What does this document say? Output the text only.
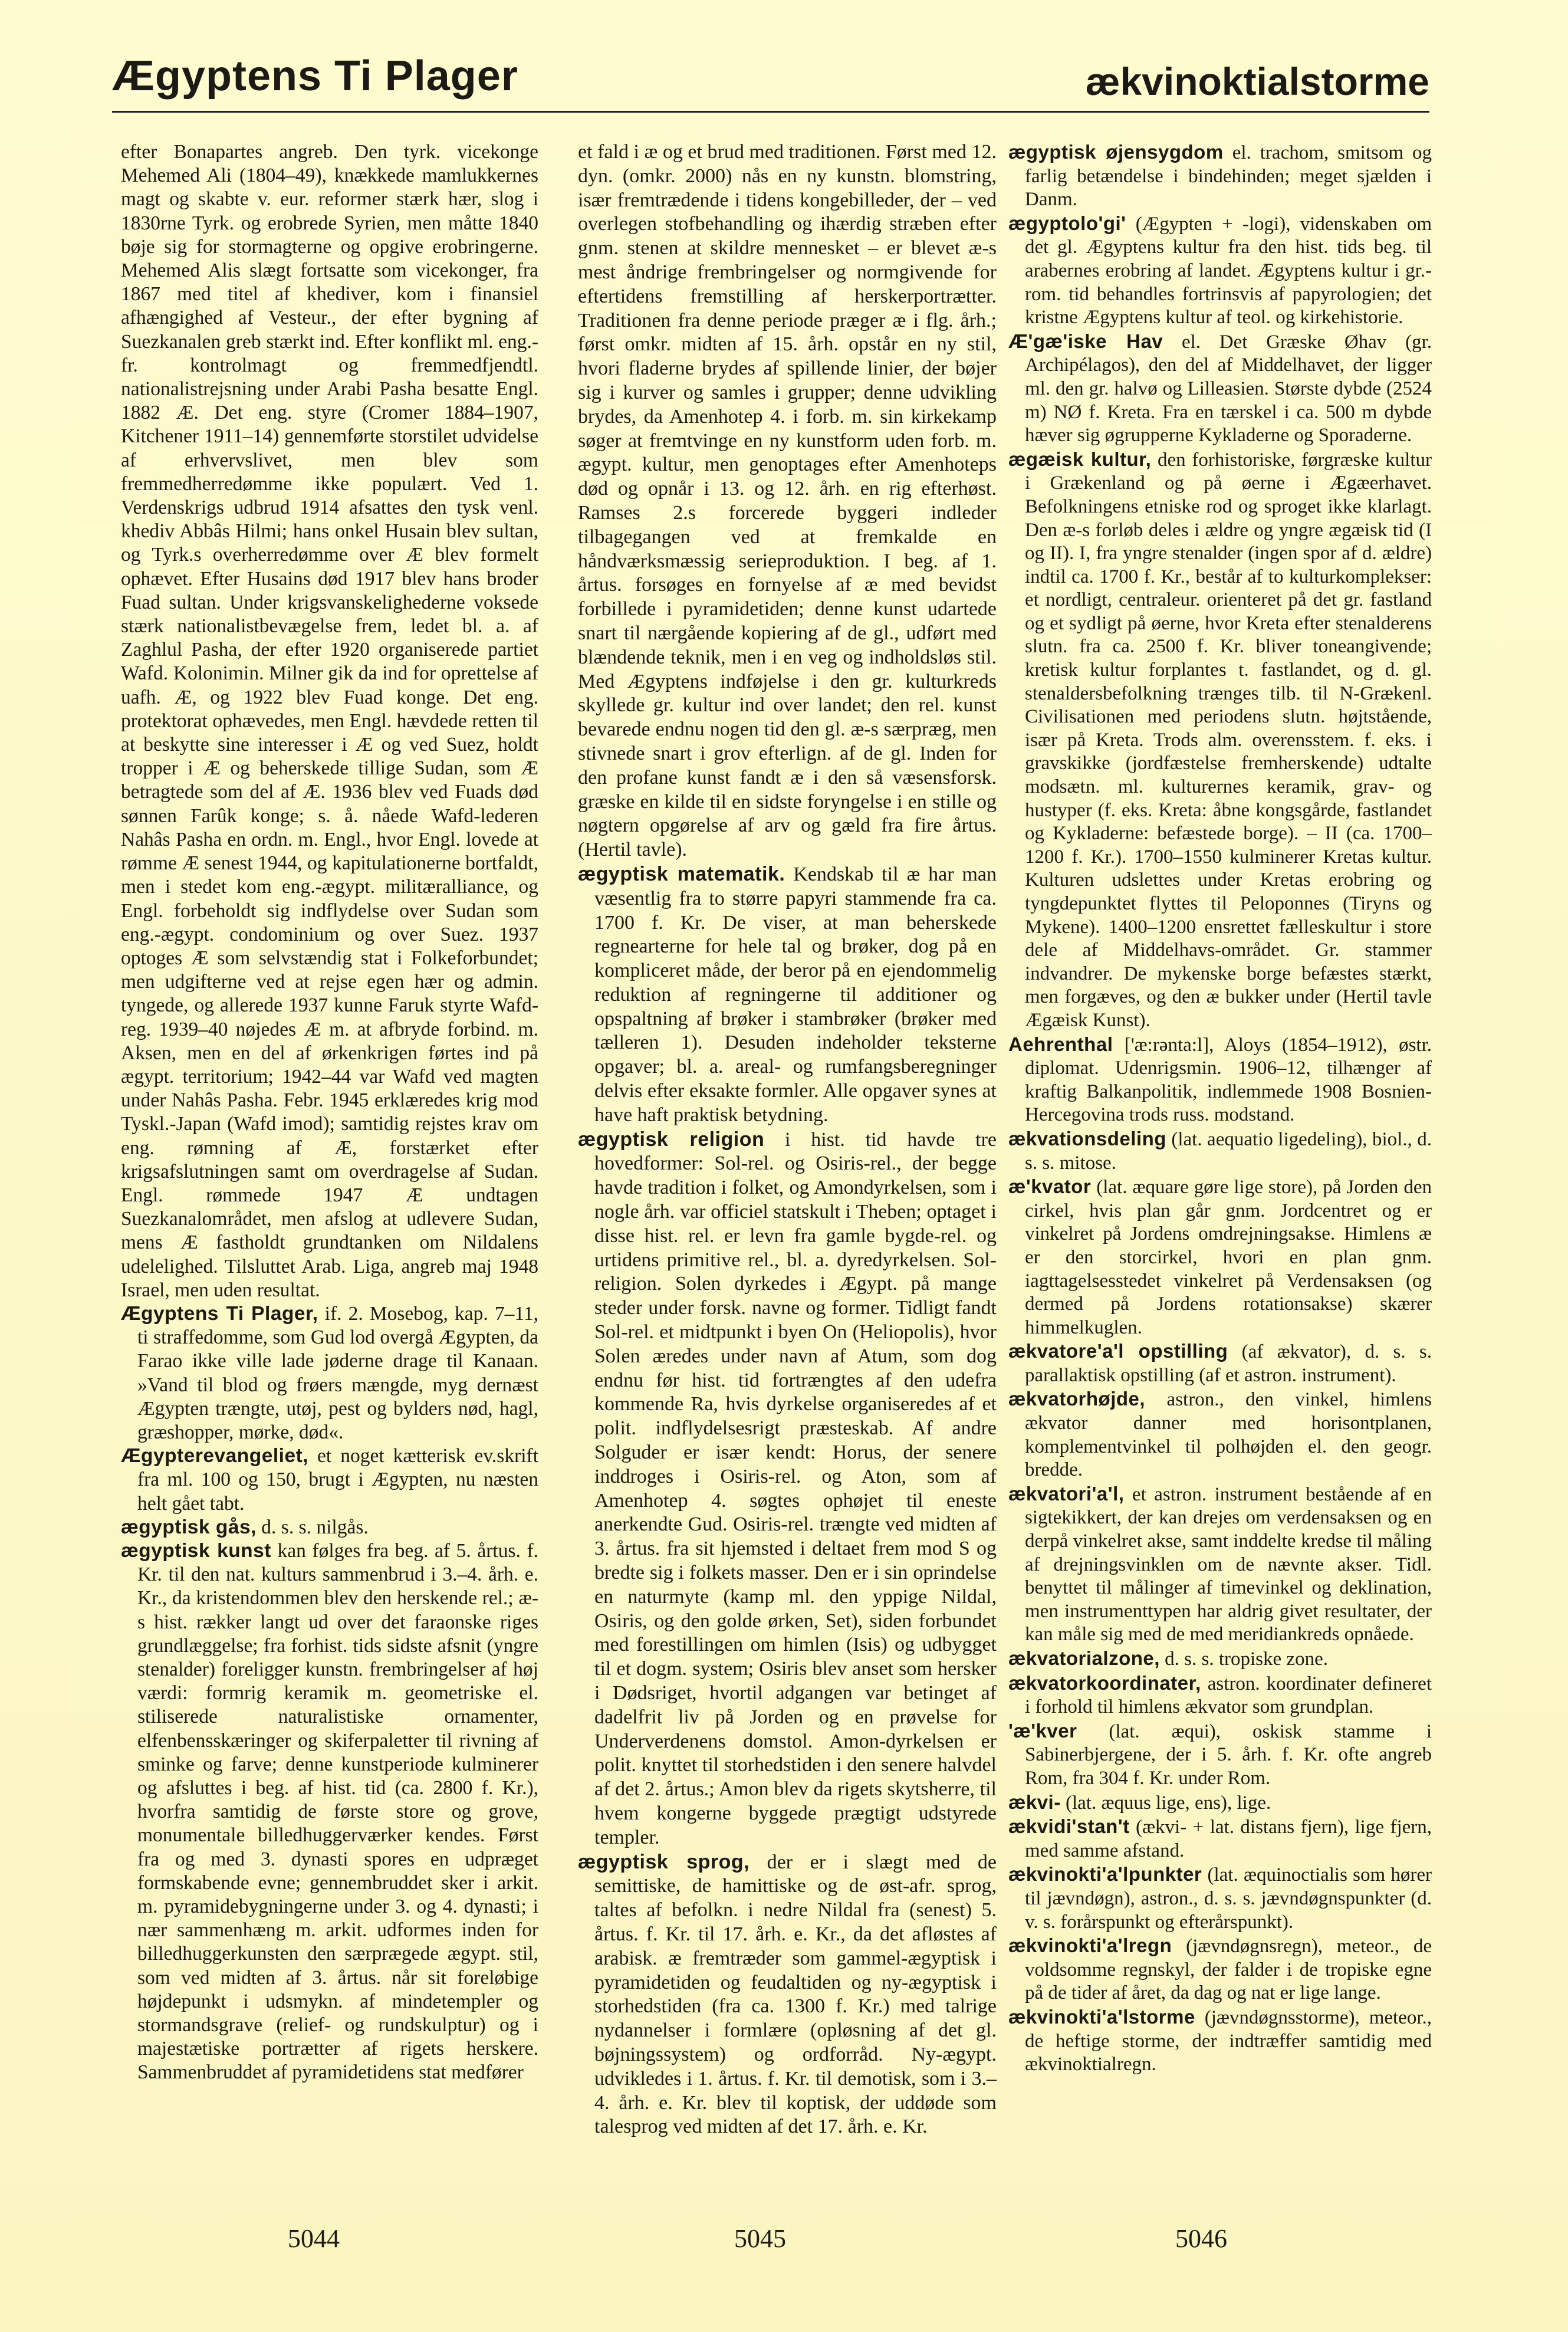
Ægyptens Ti Plager	ækvinoktialstorme

efter Bonapartes angreb. Den tyrk. vicekonge Mehemed Ali (1804–49), knækkede mamlukkernes magt og skabte v. eur. reformer stærk hær, slog i 1830rne Tyrk. og erobrede Syrien, men måtte 1840 bøje sig for stormagterne og opgive erobringerne. Mehemed Alis slægt fortsatte som vicekonger, fra 1867 med titel af khediver, kom i finansiel afhængighed af Vesteur., der efter bygning af Suezkanalen greb stærkt ind. Efter konflikt ml. eng.-fr. kontrolmagt og fremmedfjendtl. nationalistrejsning under Arabi Pasha besatte Engl. 1882 Æ. Det eng. styre (Cromer 1884–1907, Kitchener 1911–14) gennemførte storstilet udvidelse af erhvervslivet, men blev som fremmedherredømme ikke populært. Ved 1. Verdenskrigs udbrud 1914 afsattes den tysk venl. khediv Abbâs Hilmi; hans onkel Husain blev sultan, og Tyrk.s overherredømme over Æ blev formelt ophævet. Efter Husains død 1917 blev hans broder Fuad sultan. Under krigsvanskelighederne voksede stærk nationalistbevægelse frem, ledet bl. a. af Zaghlul Pasha, der efter 1920 organiserede partiet Wafd. Kolonimin. Milner gik da ind for oprettelse af uafh. Æ, og 1922 blev Fuad konge. Det eng. protektorat ophævedes, men Engl. hævdede retten til at beskytte sine interesser i Æ og ved Suez, holdt tropper i Æ og beherskede tillige Sudan, som Æ betragtede som del af Æ. 1936 blev ved Fuads død sønnen Farûk konge; s. å. nåede Wafd-lederen Nahâs Pasha en ordn. m. Engl., hvor Engl. lovede at rømme Æ senest 1944, og kapitulationerne bortfaldt, men i stedet kom eng.-ægypt. militæralliance, og Engl. forbeholdt sig indflydelse over Sudan som eng.-ægypt. condominium og over Suez. 1937 optoges Æ som selvstændig stat i Folkeforbundet; men udgifterne ved at rejse egen hær og admin. tyngede, og allerede 1937 kunne Faruk styrte Wafd-reg. 1939–40 nøjedes Æ m. at afbryde forbind. m. Aksen, men en del af ørkenkrigen førtes ind på ægypt. territorium; 1942–44 var Wafd ved magten under Nahâs Pasha. Febr. 1945 erklæredes krig mod Tyskl.-Japan (Wafd imod); samtidig rejstes krav om eng. rømning af Æ, forstærket efter krigsafslutningen samt om overdragelse af Sudan. Engl. rømmede 1947 Æ undtagen Suezkanalområdet, men afslog at udlevere Sudan, mens Æ fastholdt grundtanken om Nildalens udelelighed. Tilsluttet Arab. Liga, angreb maj 1948 Israel, men uden resultat.

Ægyptens Ti Plager, if. 2. Mosebog, kap. 7–11, ti straffedomme, som Gud lod overgå Ægypten, da Farao ikke ville lade jøderne drage til Kanaan. »Vand til blod og frøers mængde, myg dernæst Ægypten trængte, utøj, pest og bylders nød, hagl, græshopper, mørke, død«.

Ægypterevangeliet, et noget kætterisk ev.skrift fra ml. 100 og 150, brugt i Ægypten, nu næsten helt gået tabt.

ægyptisk gås, d. s. s. nilgås.

ægyptisk kunst kan følges fra beg. af 5. årtus. f. Kr. til den nat. kulturs sammenbrud i 3.–4. årh. e. Kr., da kristendommen blev den herskende rel.; æ-s hist. rækker langt ud over det faraonske riges grundlæggelse; fra forhist. tids sidste afsnit (yngre stenalder) foreligger kunstn. frembringelser af høj værdi: formrig keramik m. geometriske el. stiliserede naturalistiske ornamenter, elfenbensskæringer og skiferpaletter til rivning af sminke og farve; denne kunstperiode kulminerer og afsluttes i beg. af hist. tid (ca. 2800 f. Kr.), hvorfra samtidig de første store og grove, monumentale billedhuggerværker kendes. Først fra og med 3. dynasti spores en udpræget formskabende evne; gennembruddet sker i arkit. m. pyramidebygningerne under 3. og 4. dynasti; i nær sammenhæng m. arkit. udformes inden for billedhuggerkunsten den særprægede ægypt. stil, som ved midten af 3. årtus. når sit foreløbige højdepunkt i udsmykn. af mindetempler og stormandsgrave (relief- og rundskulptur) og i majestætiske portrætter af rigets herskere. Sammenbruddet af pyramidetidens stat medfører

et fald i æ og et brud med traditionen. Først med 12. dyn. (omkr. 2000) nås en ny kunstn. blomstring, især fremtrædende i tidens kongebilleder, der – ved overlegen stofbehandling og ihærdig stræben efter gnm. stenen at skildre mennesket – er blevet æ-s mest åndrige frembringelser og normgivende for eftertidens fremstilling af herskerportrætter. Traditionen fra denne periode præger æ i flg. årh.; først omkr. midten af 15. årh. opstår en ny stil, hvori fladerne brydes af spillende linier, der bøjer sig i kurver og samles i grupper; denne udvikling brydes, da Amenhotep 4. i forb. m. sin kirkekamp søger at fremtvinge en ny kunstform uden forb. m. ægypt. kultur, men genoptages efter Amenhoteps død og opnår i 13. og 12. årh. en rig efterhøst. Ramses 2.s forcerede byggeri indleder tilbagegangen ved at fremkalde en håndværksmæssig serieproduktion. I beg. af 1. årtus. forsøges en fornyelse af æ med bevidst forbillede i pyramidetiden; denne kunst udartede snart til nærgående kopiering af de gl., udført med blændende teknik, men i en veg og indholdsløs stil. Med Ægyptens indføjelse i den gr. kulturkreds skyllede gr. kultur ind over landet; den rel. kunst bevarede endnu nogen tid den gl. æ-s særpræg, men stivnede snart i grov efterlign. af de gl. Inden for den profane kunst fandt æ i den så væsensforsk. græske en kilde til en sidste foryngelse i en stille og nøgtern opgørelse af arv og gæld fra fire årtus. (Hertil tavle).

ægyptisk matematik. Kendskab til æ har man væsentlig fra to større papyri stammende fra ca. 1700 f. Kr. De viser, at man beherskede regnearterne for hele tal og brøker, dog på en kompliceret måde, der beror på en ejendommelig reduktion af regningerne til additioner og opspaltning af brøker i stambrøker (brøker med tælleren 1). Desuden indeholder teksterne opgaver; bl. a. areal- og rumfangsberegninger delvis efter eksakte formler. Alle opgaver synes at have haft praktisk betydning.

ægyptisk religion i hist. tid havde tre hovedformer: Sol-rel. og Osiris-rel., der begge havde tradition i folket, og Amondyrkelsen, som i nogle årh. var officiel statskult i Theben; optaget i disse hist. rel. er levn fra gamle bygde-rel. og urtidens primitive rel., bl. a. dyredyrkelsen. Sol-religion. Solen dyrkedes i Ægypt. på mange steder under forsk. navne og former. Tidligt fandt Sol-rel. et midtpunkt i byen On (Heliopolis), hvor Solen æredes under navn af Atum, som dog endnu før hist. tid fortrængtes af den udefra kommende Ra, hvis dyrkelse organiseredes af et polit. indflydelsesrigt præsteskab. Af andre Solguder er især kendt: Horus, der senere inddroges i Osiris-rel. og Aton, som af Amenhotep 4. søgtes ophøjet til eneste anerkendte Gud. Osiris-rel. trængte ved midten af 3. årtus. fra sit hjemsted i deltaet frem mod S og bredte sig i folkets masser. Den er i sin oprindelse en naturmyte (kamp ml. den yppige Nildal, Osiris, og den golde ørken, Set), siden forbundet med forestillingen om himlen (Isis) og udbygget til et dogm. system; Osiris blev anset som hersker i Dødsriget, hvortil adgangen var betinget af dadelfrit liv på Jorden og en prøvelse for Underverdenens domstol. Amon-dyrkelsen er polit. knyttet til storhedstiden i den senere halvdel af det 2. årtus.; Amon blev da rigets skytsherre, til hvem kongerne byggede prægtigt udstyrede templer.

ægyptisk sprog, der er i slægt med de semittiske, de hamittiske og de øst-afr. sprog, taltes af befolkn. i nedre Nildal fra (senest) 5. årtus. f. Kr. til 17. årh. e. Kr., da det afløstes af arabisk. æ fremtræder som gammel-ægyptisk i pyramidetiden og feudaltiden og ny-ægyptisk i storhedstiden (fra ca. 1300 f. Kr.) med talrige nydannelser i formlære (opløsning af det gl. bøjningssystem) og ordforråd. Ny-ægypt. udvikledes i 1. årtus. f. Kr. til demotisk, som i 3.–4. årh. e. Kr. blev til koptisk, der uddøde som talesprog ved midten af det 17. årh. e. Kr.

ægyptisk øjensygdom el. trachom, smitsom og farlig betændelse i bindehinden; meget sjælden i Danm.

ægyptolo'gi' (Ægypten + -logi), videnskaben om det gl. Ægyptens kultur fra den hist. tids beg. til arabernes erobring af landet. Ægyptens kultur i gr.-rom. tid behandles fortrinsvis af papyrologien; det kristne Ægyptens kultur af teol. og kirkehistorie.

Æ'gæ'iske Hav el. Det Græske Øhav (gr. Archipélagos), den del af Middelhavet, der ligger ml. den gr. halvø og Lilleasien. Største dybde (2524 m) NØ f. Kreta. Fra en tærskel i ca. 500 m dybde hæver sig øgrupperne Kykladerne og Sporaderne.

ægæisk kultur, den forhistoriske, førgræske kultur i Grækenland og på øerne i Ægæerhavet. Befolkningens etniske rod og sproget ikke klarlagt. Den æ-s forløb deles i ældre og yngre ægæisk tid (I og II). I, fra yngre stenalder (ingen spor af d. ældre) indtil ca. 1700 f. Kr., består af to kulturkomplekser: et nordligt, centraleur. orienteret på det gr. fastland og et sydligt på øerne, hvor Kreta efter stenalderens slutn. fra ca. 2500 f. Kr. bliver toneangivende; kretisk kultur forplantes t. fastlandet, og d. gl. stenaldersbefolkning trænges tilb. til N-Grækenl. Civilisationen med periodens slutn. højtstående, især på Kreta. Trods alm. overensstem. f. eks. i gravskikke (jordfæstelse fremherskende) udtalte modsætn. ml. kulturernes keramik, grav- og hustyper (f. eks. Kreta: åbne kongsgårde, fastlandet og Kykladerne: befæstede borge). – II (ca. 1700–1200 f. Kr.). 1700–1550 kulminerer Kretas kultur. Kulturen udslettes under Kretas erobring og tyngdepunktet flyttes til Peloponnes (Tiryns og Mykene). 1400–1200 ensrettet fælleskultur i store dele af Middelhavs-området. Gr. stammer indvandrer. De mykenske borge befæstes stærkt, men forgæves, og den æ bukker under (Hertil tavle Ægæisk Kunst).

Aehrenthal ['æ:rənta:l], Aloys (1854–1912), østr. diplomat. Udenrigsmin. 1906–12, tilhænger af kraftig Balkanpolitik, indlemmede 1908 Bosnien-Hercegovina trods russ. modstand.

ækvationsdeling (lat. aequatio ligedeling), biol., d. s. s. mitose.

æ'kvator (lat. æquare gøre lige store), på Jorden den cirkel, hvis plan går gnm. Jordcentret og er vinkelret på Jordens omdrejningsakse. Himlens æ er den storcirkel, hvori en plan gnm. iagttagelsesstedet vinkelret på Verdensaksen (og dermed på Jordens rotationsakse) skærer himmelkuglen.

ækvatore'a'l opstilling (af ækvator), d. s. s. parallaktisk opstilling (af et astron. instrument).

ækvatorhøjde, astron., den vinkel, himlens ækvator danner med horisontplanen, komplementvinkel til polhøjden el. den geogr. bredde.

ækvatori'a'l, et astron. instrument bestående af en sigtekikkert, der kan drejes om verdensaksen og en derpå vinkelret akse, samt inddelte kredse til måling af drejningsvinklen om de nævnte akser. Tidl. benyttet til målinger af timevinkel og deklination, men instrumenttypen har aldrig givet resultater, der kan måle sig med de med meridiankreds opnåede.

ækvatorialzone, d. s. s. tropiske zone.

ækvatorkoordinater, astron. koordinater defineret i forhold til himlens ækvator som grundplan.

'æ'kver (lat. æqui), oskisk stamme i Sabinerbjergene, der i 5. årh. f. Kr. ofte angreb Rom, fra 304 f. Kr. under Rom.

ækvi- (lat. æquus lige, ens), lige.

ækvidi'stan't (ækvi- + lat. distans fjern), lige fjern, med samme afstand.

ækvinokti'a'lpunkter (lat. æquinoctialis som hører til jævndøgn), astron., d. s. s. jævndøgnspunkter (d. v. s. forårspunkt og efterårspunkt).

ækvinokti'a'lregn (jævndøgnsregn), meteor., de voldsomme regnskyl, der falder i de tropiske egne på de tider af året, da dag og nat er lige lange.

ækvinokti'a'lstorme (jævndøgnsstorme), meteor., de heftige storme, der indtræffer samtidig med ækvinoktialregn.

5044	5045	5046
